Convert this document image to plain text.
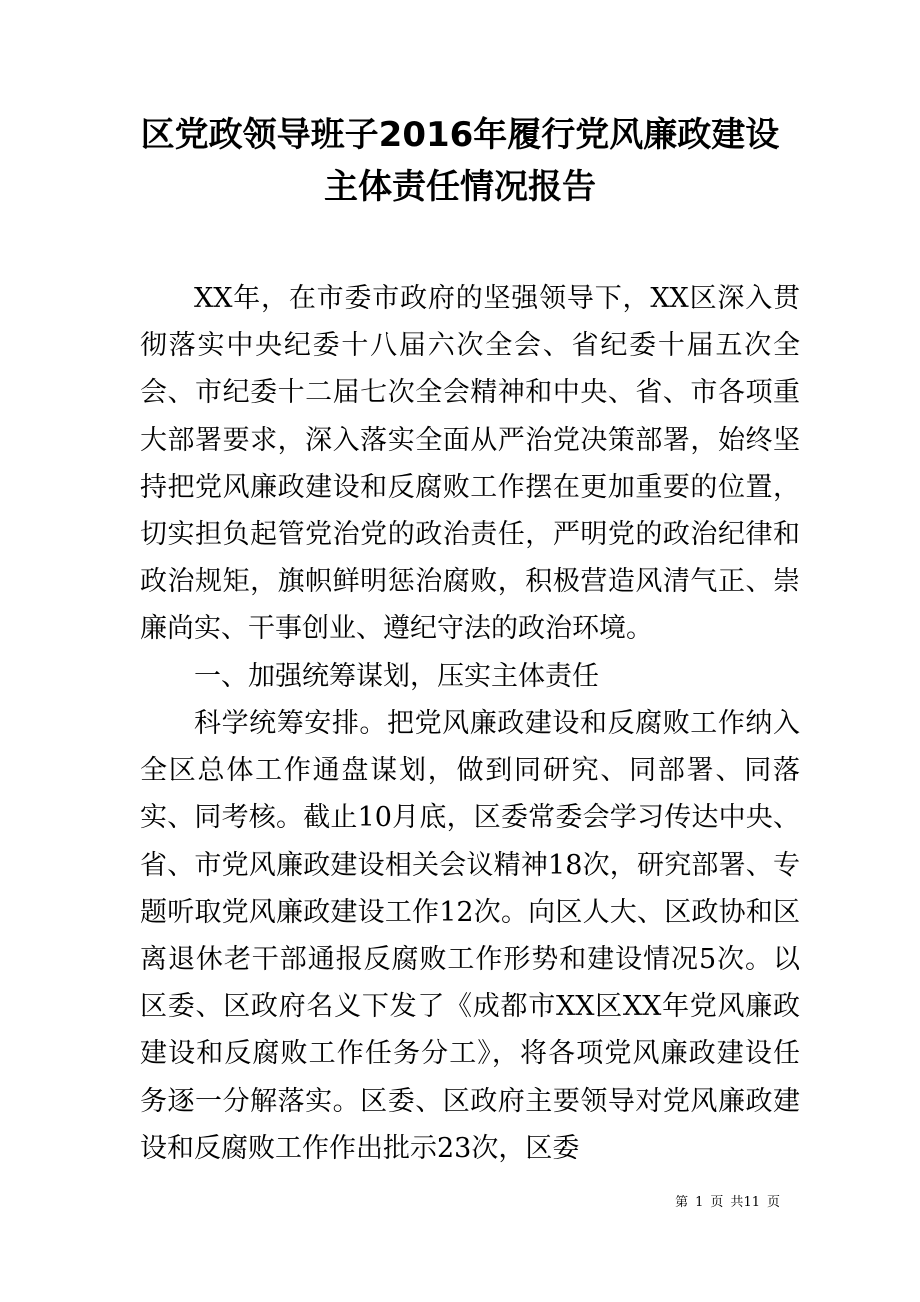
区党政领导班子2016年履行党风廉政建设
主体责任情况报告
XX年，在市委市政府的坚强领导下，XX区深入贯彻落实中央纪委十八届六次全会、省纪委十届五次全会、市纪委十二届七次全会精神和中央、省、市各项重大部署要求，深入落实全面从严治党决策部署，始终坚持把党风廉政建设和反腐败工作摆在更加重要的位置，切实担负起管党治党的政治责任，严明党的政治纪律和政治规矩，旗帜鲜明惩治腐败，积极营造风清气正、崇廉尚实、干事创业、遵纪守法的政治环境。
一、加强统筹谋划，压实主体责任
科学统筹安排。把党风廉政建设和反腐败工作纳入全区总体工作通盘谋划，做到同研究、同部署、同落实、同考核。截止10月底，区委常委会学习传达中央、省、市党风廉政建设相关会议精神18次，研究部署、专题听取党风廉政建设工作12次。向区人大、区政协和区离退休老干部通报反腐败工作形势和建设情况5次。以区委、区政府名义下发了《成都市XX区XX年党风廉政建设和反腐败工作任务分工》，将各项党风廉政建设任务逐一分解落实。区委、区政府主要领导对党风廉政建设和反腐败工作作出批示23次，区委
第 1 页 共11 页
